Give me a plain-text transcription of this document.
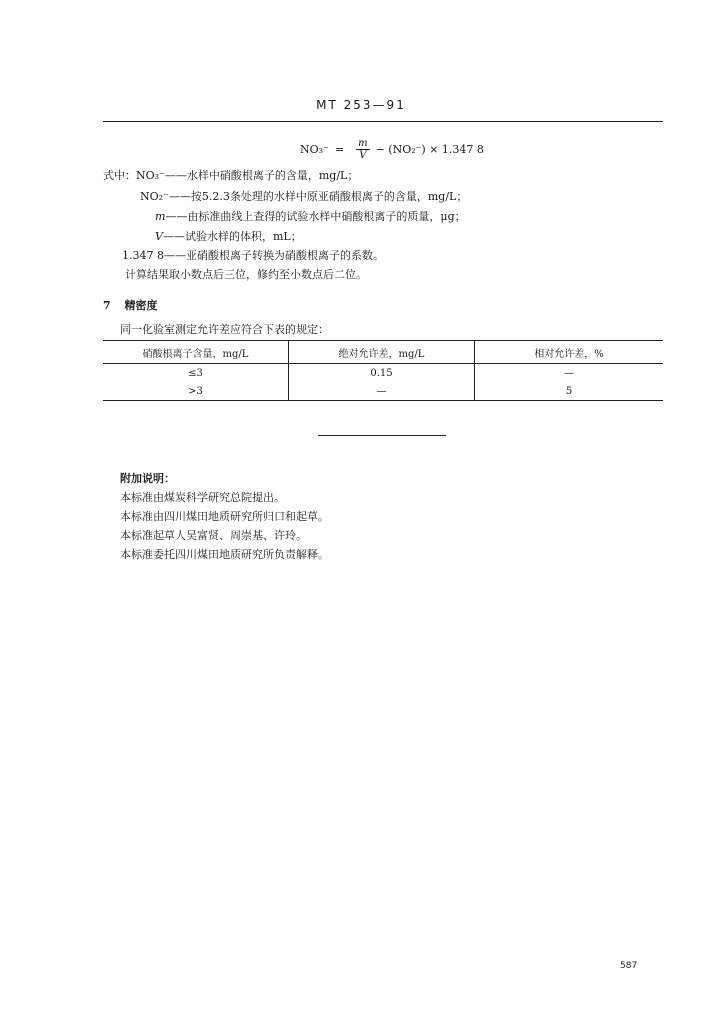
MT 253—91
$NO_3^- = \frac{m}{V} - (NO_2^-) \times 1.347$ 8
式中：NO₃⁻——水样中硝酸根离子的含量，mg/L；
NO₂⁻——按5.2.3条处理的水样中原亚硝酸根离子的含量，mg/L；
m——由标准曲线上查得的试验水样中硝酸根离子的质量，μg；
V——试验水样的体积，mL；
1.347 8——亚硝酸根离子转换为硝酸根离子的系数。
计算结果取小数点后三位，修约至小数点后二位。
7 精密度
同一化验室测定允许差应符合下表的规定：
硝酸根离子含量，mg/L	绝对允许差，mg/L	相对允许差，%
≤3	0.15	—
>3	—	5
附加说明：
本标准由煤炭科学研究总院提出。
本标准由四川煤田地质研究所归口和起草。
本标准起草人吴富贤、周崇基、许玲。
本标准委托四川煤田地质研究所负责解释。
587
